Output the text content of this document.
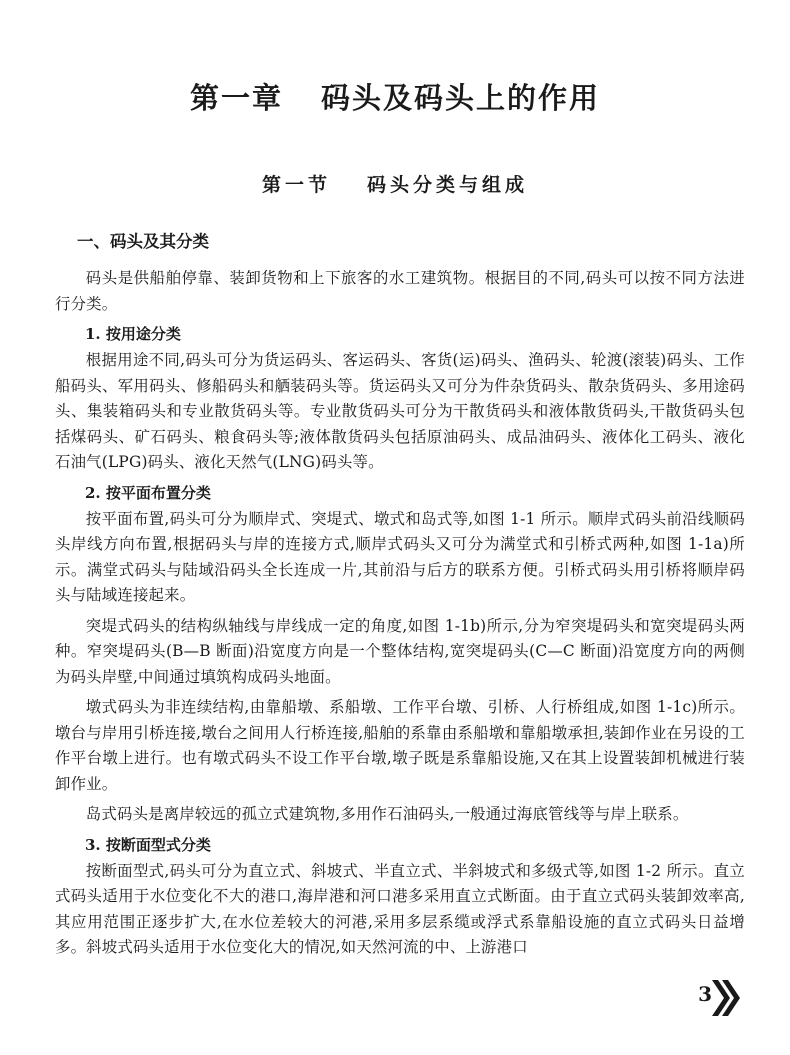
第一章 码头及码头上的作用
第一节 码头分类与组成
一、码头及其分类

码头是供船舶停靠、装卸货物和上下旅客的水工建筑物。根据目的不同,码头可以按不同方法进行分类。

1. 按用途分类

根据用途不同,码头可分为货运码头、客运码头、客货(运)码头、渔码头、轮渡(滚装)码头、工作船码头、军用码头、修船码头和舾装码头等。货运码头又可分为件杂货码头、散杂货码头、多用途码头、集装箱码头和专业散货码头等。专业散货码头可分为干散货码头和液体散货码头,干散货码头包括煤码头、矿石码头、粮食码头等;液体散货码头包括原油码头、成品油码头、液体化工码头、液化石油气(LPG)码头、液化天然气(LNG)码头等。

2. 按平面布置分类

按平面布置,码头可分为顺岸式、突堤式、墩式和岛式等,如图 1-1 所示。顺岸式码头前沿线顺码头岸线方向布置,根据码头与岸的连接方式,顺岸式码头又可分为满堂式和引桥式两种,如图 1-1a)所示。满堂式码头与陆域沿码头全长连成一片,其前沿与后方的联系方便。引桥式码头用引桥将顺岸码头与陆域连接起来。

突堤式码头的结构纵轴线与岸线成一定的角度,如图 1-1b)所示,分为窄突堤码头和宽突堤码头两种。窄突堤码头(B—B 断面)沿宽度方向是一个整体结构,宽突堤码头(C—C 断面)沿宽度方向的两侧为码头岸壁,中间通过填筑构成码头地面。

墩式码头为非连续结构,由靠船墩、系船墩、工作平台墩、引桥、人行桥组成,如图 1-1c)所示。墩台与岸用引桥连接,墩台之间用人行桥连接,船舶的系靠由系船墩和靠船墩承担,装卸作业在另设的工作平台墩上进行。也有墩式码头不设工作平台墩,墩子既是系靠船设施,又在其上设置装卸机械进行装卸作业。

岛式码头是离岸较远的孤立式建筑物,多用作石油码头,一般通过海底管线等与岸上联系。

3. 按断面型式分类

按断面型式,码头可分为直立式、斜坡式、半直立式、半斜坡式和多级式等,如图 1-2 所示。直立式码头适用于水位变化不大的港口,海岸港和河口港多采用直立式断面。由于直立式码头装卸效率高,其应用范围正逐步扩大,在水位差较大的河港,采用多层系缆或浮式系靠船设施的直立式码头日益增多。斜坡式码头适用于水位变化大的情况,如天然河流的中、上游港口

3
